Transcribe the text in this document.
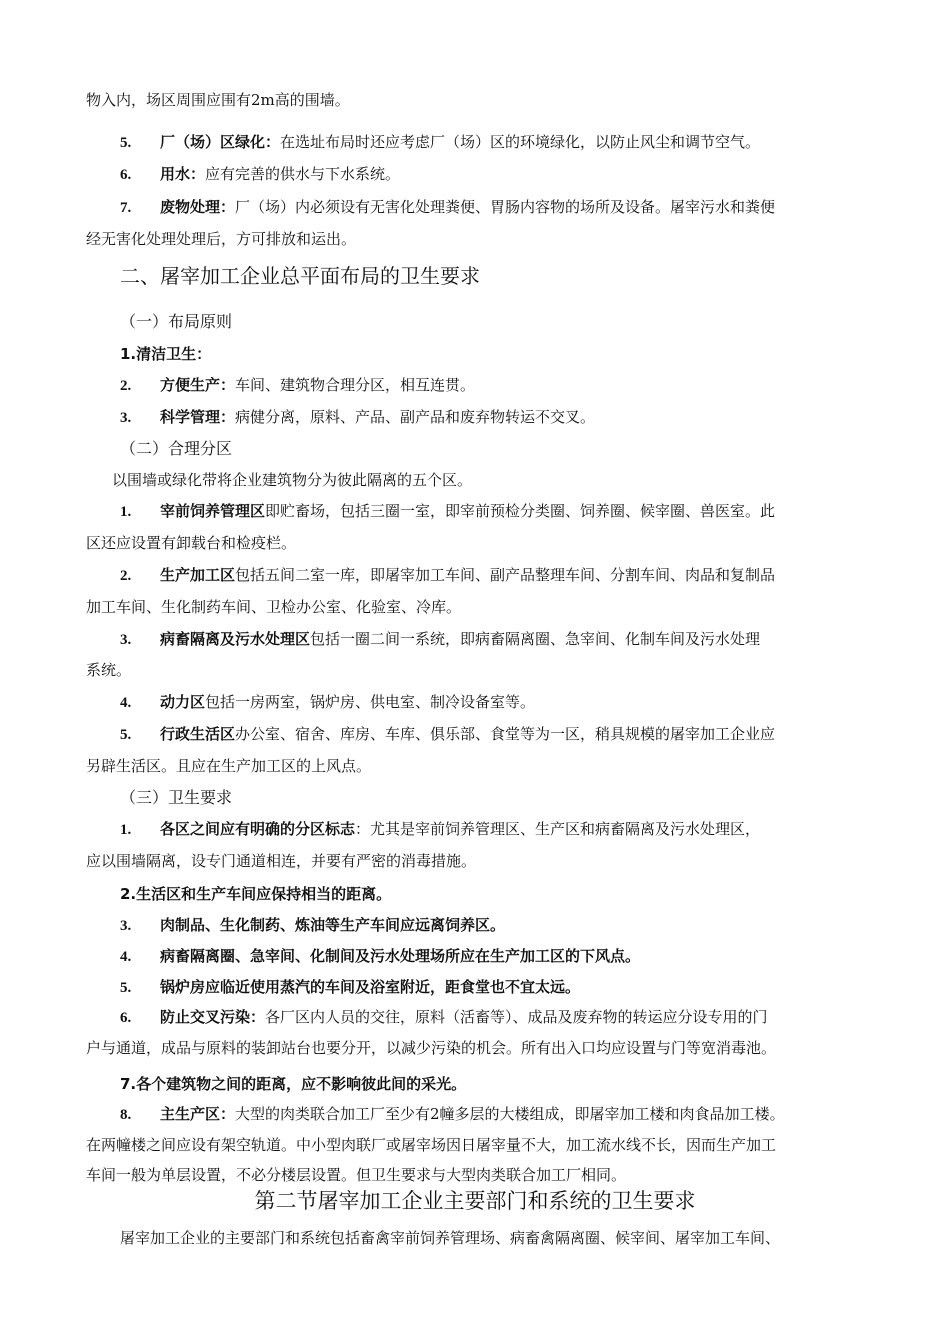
物入内，场区周围应围有2m高的围墙。
5. 厂（场）区绿化：在选址布局时还应考虑厂（场）区的环境绿化，以防止风尘和调节空气。
6. 用水：应有完善的供水与下水系统。
7. 废物处理：厂（场）内必须设有无害化处理粪便、胃肠内容物的场所及设备。屠宰污水和粪便
经无害化处理处理后，方可排放和运出。
二、屠宰加工企业总平面布局的卫生要求
（一）布局原则
1.清洁卫生：
2. 方便生产：车间、建筑物合理分区，相互连贯。
3. 科学管理：病健分离，原料、产品、副产品和废弃物转运不交叉。
（二）合理分区
以围墙或绿化带将企业建筑物分为彼此隔离的五个区。
1. 宰前饲养管理区即贮畜场，包括三圈一室，即宰前预检分类圈、饲养圈、候宰圈、兽医室。此
区还应设置有卸载台和检疫栏。
2. 生产加工区包括五间二室一库，即屠宰加工车间、副产品整理车间、分割车间、肉品和复制品
加工车间、生化制药车间、卫检办公室、化验室、冷库。
3. 病畜隔离及污水处理区包括一圈二间一系统，即病畜隔离圈、急宰间、化制车间及污水处理
系统。
4. 动力区包括一房两室，锅炉房、供电室、制冷设备室等。
5. 行政生活区办公室、宿舍、库房、车库、俱乐部、食堂等为一区，稍具规模的屠宰加工企业应
另辟生活区。且应在生产加工区的上风点。
（三）卫生要求
1. 各区之间应有明确的分区标志：尤其是宰前饲养管理区、生产区和病畜隔离及污水处理区，
应以围墙隔离，设专门通道相连，并要有严密的消毒措施。
2.生活区和生产车间应保持相当的距离。
3. 肉制品、生化制药、炼油等生产车间应远离饲养区。
4. 病畜隔离圈、急宰间、化制间及污水处理场所应在生产加工区的下风点。
5. 锅炉房应临近使用蒸汽的车间及浴室附近，距食堂也不宜太远。
6. 防止交叉污染：各厂区内人员的交往，原料（活畜等）、成品及废弃物的转运应分设专用的门
户与通道，成品与原料的装卸站台也要分开，以减少污染的机会。所有出入口均应设置与门等宽消毒池。
7.各个建筑物之间的距离，应不影响彼此间的采光。
8. 主生产区：大型的肉类联合加工厂至少有2幢多层的大楼组成，即屠宰加工楼和肉食品加工楼。
在两幢楼之间应设有架空轨道。中小型肉联厂或屠宰场因日屠宰量不大，加工流水线不长，因而生产加工
车间一般为单层设置，不必分楼层设置。但卫生要求与大型肉类联合加工厂相同。
第二节屠宰加工企业主要部门和系统的卫生要求
屠宰加工企业的主要部门和系统包括畜禽宰前饲养管理场、病畜禽隔离圈、候宰间、屠宰加工车间、
